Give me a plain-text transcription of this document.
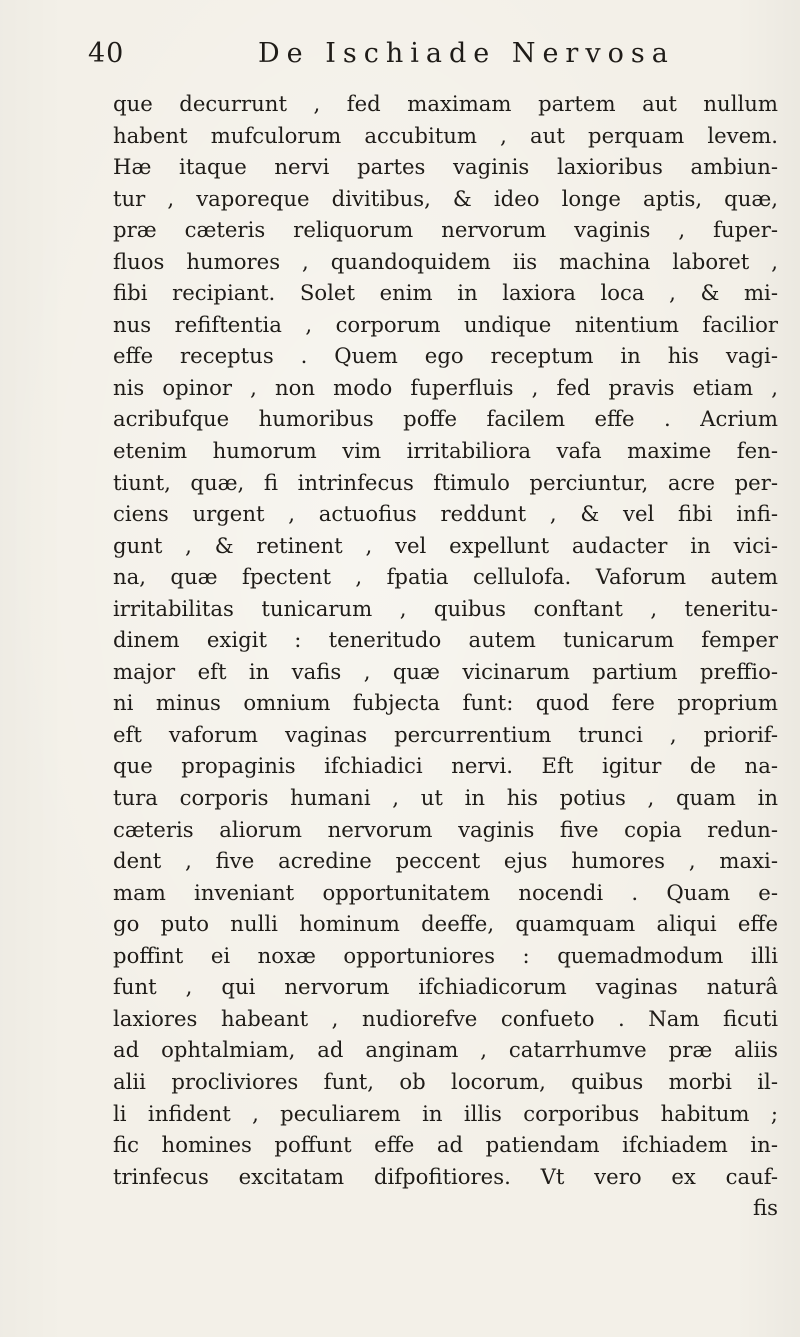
40	De Ischiade Nervosa
que decurrunt , fed maximam partem aut nullum
habent mufculorum accubitum , aut perquam levem.
Hæ itaque nervi partes vaginis laxioribus ambiun-
tur , vaporeque divitibus, & ideo longe aptis, quæ,
præ cæteris reliquorum nervorum vaginis , fuper-
fluos humores , quandoquidem iis machina laboret ,
fibi recipiant. Solet enim in laxiora loca , & mi-
nus refiftentia , corporum undique nitentium facilior
effe receptus . Quem ego receptum in his vagi-
nis opinor , non modo fuperfluis , fed pravis etiam ,
acribufque humoribus poffe facilem effe . Acrium
etenim humorum vim irritabiliora vafa maxime fen-
tiunt, quæ, fi intrinfecus ftimulo perciuntur, acre per-
ciens urgent , actuofius reddunt , & vel fibi infi-
gunt , & retinent , vel expellunt audacter in vici-
na, quæ fpectent , fpatia cellulofa. Vaforum autem
irritabilitas tunicarum , quibus conftant , teneritu-
dinem exigit : teneritudo autem tunicarum femper
major eft in vafis , quæ vicinarum partium preffio-
ni minus omnium fubjecta funt: quod fere proprium
eft vaforum vaginas percurrentium trunci , priorif-
que propaginis ifchiadici nervi. Eft igitur de na-
tura corporis humani , ut in his potius , quam in
cæteris aliorum nervorum vaginis five copia redun-
dent , five acredine peccent ejus humores , maxi-
mam inveniant opportunitatem nocendi . Quam e-
go puto nulli hominum deeffe, quamquam aliqui effe
poffint ei noxæ opportuniores : quemadmodum illi
funt , qui nervorum ifchiadicorum vaginas naturâ
laxiores habeant , nudiorefve confueto . Nam ficuti
ad ophtalmiam, ad anginam , catarrhumve præ aliis
alii procliviores funt, ob locorum, quibus morbi il-
li infident , peculiarem in illis corporibus habitum ;
fic homines poffunt effe ad patiendam ifchiadem in-
trinfecus excitatam difpofitiores. Vt vero ex cauf-
fis
